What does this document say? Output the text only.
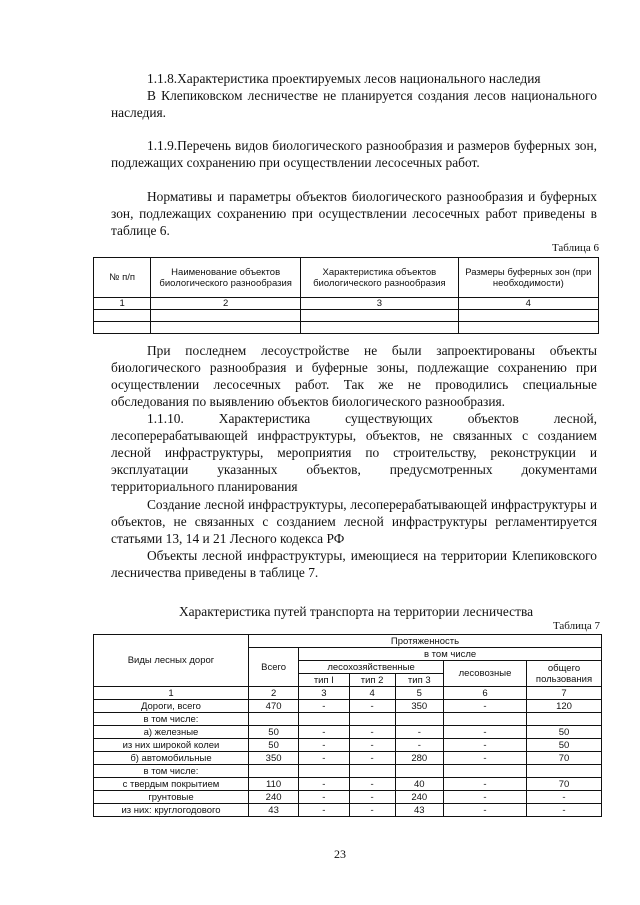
1.1.8.Характеристика проектируемых лесов национального наследия

В Клепиковском лесничестве не планируется создания лесов национального наследия.

1.1.9.Перечень видов биологического разнообразия и размеров буферных зон, подлежащих сохранению при осуществлении лесосечных работ.

Нормативы и параметры объектов биологического разнообразия и буферных зон, подлежащих сохранению при осуществлении лесосечных работ приведены в таблице 6.

Таблица 6

№ п/п	Наименование объектов биологического разнообразия	Характеристика объектов биологического разнообразия	Размеры буферных зон (при необходимости)
1	2	3	4

При последнем лесоустройстве не были запроектированы объекты биологического разнообразия и буферные зоны, подлежащие сохранению при осуществлении лесосечных работ. Так же не проводились специальные обследования по выявлению объектов биологического разнообразия.

1.1.10. Характеристика существующих объектов лесной, лесоперерабатывающей инфраструктуры, объектов, не связанных с созданием лесной инфраструктуры, мероприятия по строительству, реконструкции и эксплуатации указанных объектов, предусмотренных документами территориального планирования

Создание лесной инфраструктуры, лесоперерабатывающей инфраструктуры и объектов, не связанных с созданием лесной инфраструктуры регламентируется статьями 13, 14 и 21 Лесного кодекса РФ

Объекты лесной инфраструктуры, имеющиеся на территории Клепиковского лесничества приведены в таблице 7.

Характеристика путей транспорта на территории лесничества

Таблица 7

Виды лесных дорог	Протяженность					
	Всего	в том числе				
		лесохозяйственные			лесовозные	общего пользования
		тип I	тип 2	тип 3		
1	2	3	4	5	6	7
Дороги, всего	470	-	-	350	-	120
в том числе:						
а) железные	50	-	-	-	-	50
из них широкой колеи	50	-	-	-	-	50
б) автомобильные	350	-	-	280	-	70
в том числе:						
с твердым покрытием	110	-	-	40	-	70
грунтовые	240	-	-	240	-	-
из них: круглогодового	43	-	-	43	-	-
23
